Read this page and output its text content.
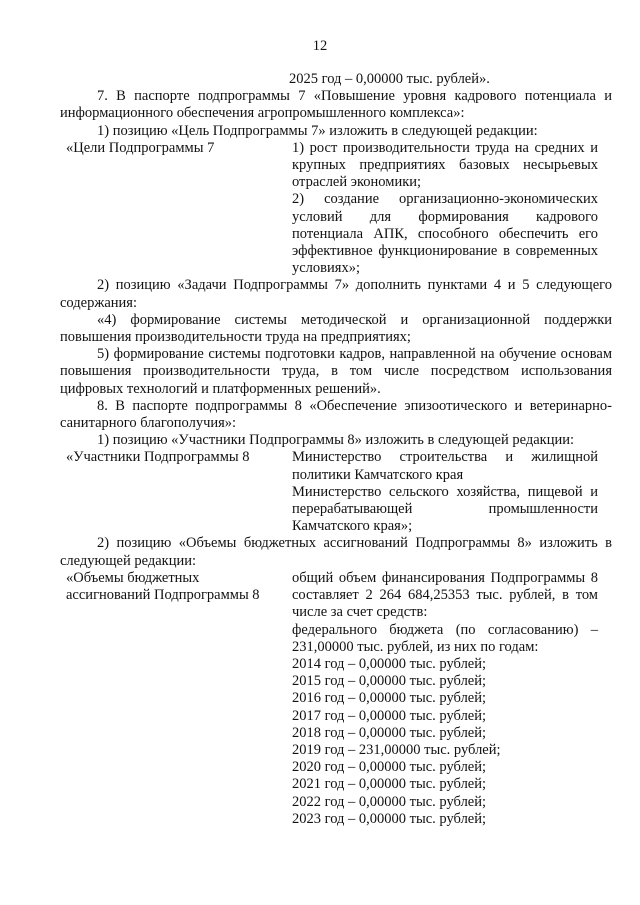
12

2025 год – 0,00000 тыс. рублей».

7. В паспорте подпрограммы 7 «Повышение уровня кадрового потенциала и информационного обеспечения агропромышленного комплекса»:

1) позицию «Цель Подпрограммы 7» изложить в следующей редакции:

«Цели Подпрограммы 7	1) рост производительности труда на средних и крупных предприятиях базовых несырьевых отраслей экономики;

2) создание организационно-экономических условий для формирования кадрового потенциала АПК, способного обеспечить его эффективное функционирование в современных условиях»;

2) позицию «Задачи Подпрограммы 7» дополнить пунктами 4 и 5 следующего содержания:

«4) формирование системы методической и организационной поддержки повышения производительности труда на предприятиях;

5) формирование системы подготовки кадров, направленной на обучение основам повышения производительности труда, в том числе посредством использования цифровых технологий и платформенных решений».

8. В паспорте подпрограммы 8 «Обеспечение эпизоотического и ветеринарно-санитарного благополучия»:

1) позицию «Участники Подпрограммы 8» изложить в следующей редакции:

«Участники Подпрограммы 8	Министерство строительства и жилищной политики Камчатского края

Министерство сельского хозяйства, пищевой и перерабатывающей промышленности Камчатского края»;

2) позицию «Объемы бюджетных ассигнований Подпрограммы 8» изложить в следующей редакции:

«Объемы бюджетных
ассигнований Подпрограммы 8

общий объем финансирования Подпрограммы 8 составляет 2 264 684,25353 тыс. рублей, в том числе за счет средств:

федерального бюджета (по согласованию) – 231,00000 тыс. рублей, из них по годам:

2014 год – 0,00000 тыс. рублей;

2015 год – 0,00000 тыс. рублей;

2016 год – 0,00000 тыс. рублей;

2017 год – 0,00000 тыс. рублей;

2018 год – 0,00000 тыс. рублей;

2019 год – 231,00000 тыс. рублей;

2020 год – 0,00000 тыс. рублей;

2021 год – 0,00000 тыс. рублей;

2022 год – 0,00000 тыс. рублей;

2023 год – 0,00000 тыс. рублей;
